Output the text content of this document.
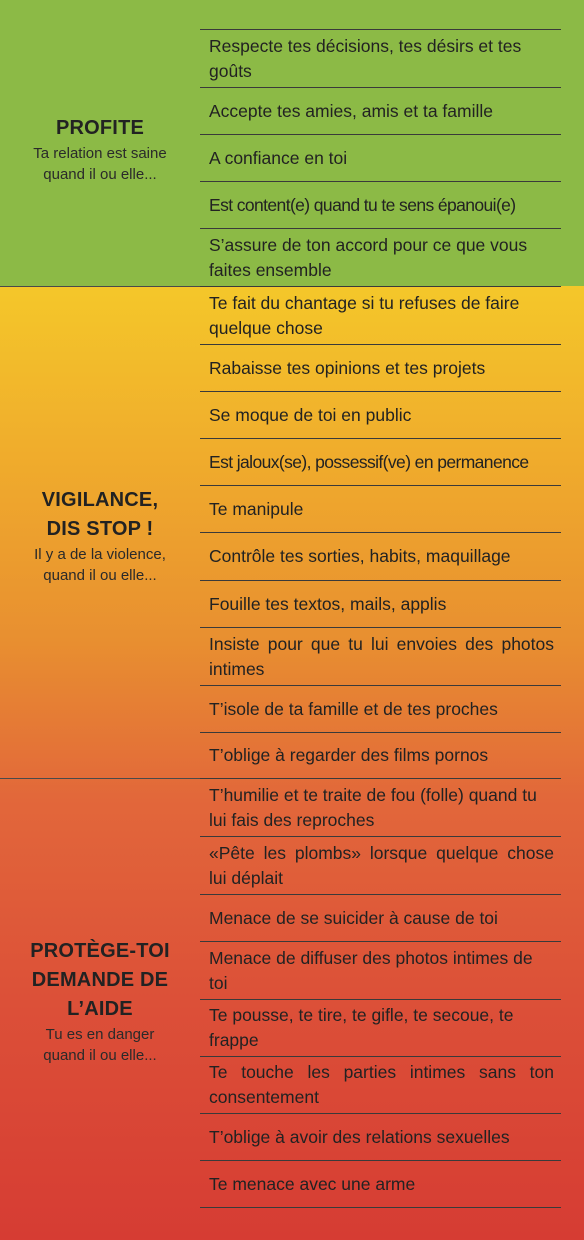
PROFITE
Ta relation est saine
quand il ou elle...
VIGILANCE,
DIS STOP !
Il y a de la violence,
quand il ou elle...
PROTÈGE-TOI
DEMANDE DE
L’AIDE
Tu es en danger
quand il ou elle...
Respecte tes décisions, tes désirs et tes goûts
Accepte tes amies, amis et ta famille
A confiance en toi
Est content(e) quand tu te sens épanoui(e)
S’assure de ton accord pour ce que vous faites ensemble
Te fait du chantage si tu refuses de faire quelque chose
Rabaisse tes opinions et tes projets
Se moque de toi en public
Est jaloux(se), possessif(ve) en permanence
Te manipule
Contrôle tes sorties, habits, maquillage
Fouille tes textos, mails, applis
Insiste pour que tu lui envoies des photos intimes
T’isole de ta famille et de tes proches
T’oblige à regarder des films pornos
T’humilie et te traite de fou (folle) quand tu lui fais des reproches
«Pête les plombs» lorsque quelque chose lui déplait
Menace de se suicider à cause de toi
Menace de diffuser des photos intimes de toi
Te pousse, te tire, te gifle, te secoue, te frappe
Te touche les parties intimes sans ton consentement
T’oblige à avoir des relations sexuelles
Te menace avec une arme
